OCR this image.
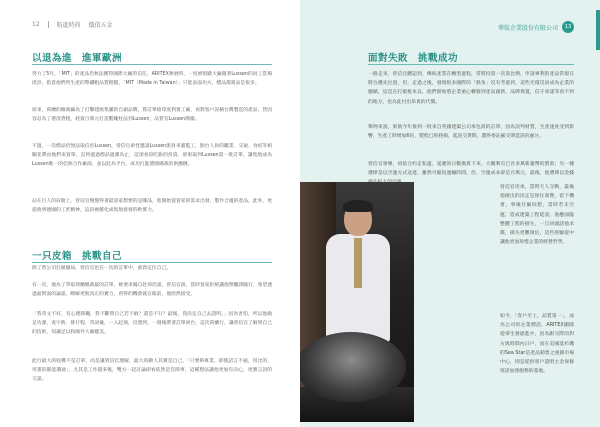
12	航進時尚 價值五金
以退為進　進軍歐洲

努力了5年，「MIT」的產品仍無法獲得國際大廠的信任，ARITEX參展時，一度被很歐大廠藉著Lussen的員工當場批評，指責他們所生產的擎鐵粗品質粗糙，「MIT（Made in Taiwan）」只能表面功夫，標品都賣品是很多。

原來，荷蘭的總裁竊為了打擊建航集團的自創品牌，將訂單給印度利賣工廠，再對客戶誤稱台灣製造的產品，皆因容忍為了港清貨粗，耗資百萬元打造繫繩柱法到Lussen，品質有Lussen簡徽。

不過，一次標品仍無法取信於Lussen，曾信官索性邀請Lussen派員來臺監工，點台人員的職業、交通、食宿等相關花費由他們來買單，直到過過標品過測為止，這項看似吃虧的投資，卻果取到Lussen第一批訂單，讓集航成為Lussen唯一的亞洲合作廠商，並以此為平台，成功打進德國總裁的供應鏈。

站在巨人的肩膀上，曾信官慢慢得著最富家想要的是哪品，他開始從買家的需求出發，製作合適的產品，此外，更從收到德國的工匠精神，這段複雜化成集航發發的軟實力。

一只皮箱　挑戰自己

除了替公司打破僵局，曾信官也在一次的訂單中，重新定位自己。

有一次，他為了爭取荷蘭總裁最的訂單，被要求獨自赴荷治談，曾信官說，當時買家拒絕讓他帶翻譯隨行，希望透過面對面的論談，瞭解更航真正的實力，看得的機會就在眼前，他欣然接受。

「我英文不好，有心理障礙，我不斷問自己若不敢？還是不行？最後，我決定自己去證明。」因為害怕，所以他做足功課，查字典、排行程、背詞彙，一入起飛，沒想到，一週後帶著訂單回台，這次荷蘭行，讓曾信官了解到自己的技術，知識足以和國外大廠媲美。

此行最大的收穫不是訂單，而是讓曾信官理解，最大的敵人其實是自己，「只要夠專業，即使語言不通，用比的，用畫的都能溝通」，尤其是工作越來後，雙方一起討論即看依然是沒障事，這種想法讓他更加有決心，更勝言語的交談。

華航企業股份有限公司	13
面對失敗　挑戰成功

一路走來，曾信官體認到，傳統產業在轉型過程，常將投資一次資比例，申請專利的產品常現在將台優先位置，但，走過之後，發現很多國際的「跌角」沒有考量到，這些光環反而成為企業的枷鎖，這是在打破框本以，他們開始將企業重心轉移到產品創新，品牌佈置，信守承諾等看不到的地方，也為此付出昂貴的代價。

舉例來說，果航今年推到一批來自英國建築公司承包商的訂單，因為誤判材質，生產速度受到影響，生產工時增加6倍，製程已經耗損，延誤交貨期，遭得委託廠交期延誤的處分。

曾信官領導，初依合約走私運，延遲的日數換算下來，大概利有已吾多萬新臺幣的罰款；另一種選擇是以空運方式送達，雖然可縮短運輸時間，但，空運成本卻是百萬元，最後，他選擇以金錢

曾信官坦承，當時天人交戰，最後他做出的決定是保住商譽，留下機會，事後仔細回想，當時若未空運，造成建築工程延誤，他應面臨整體工程的損失，一旦回頭請他求償，損失更難預估，這些經驗從中讓他更加珍惜企業的經營哲學。

如今，「客戶至上，品質第一」，成為公司的企業標語，ARITEX團隊從零生發逐進中，因為跟交際的對方與時間內日戶，而在美國落杉磯的Sea Star是產品銷售之重鎮市場中心，則是從供客戶證明主金保修境誤加強服務的基地。
